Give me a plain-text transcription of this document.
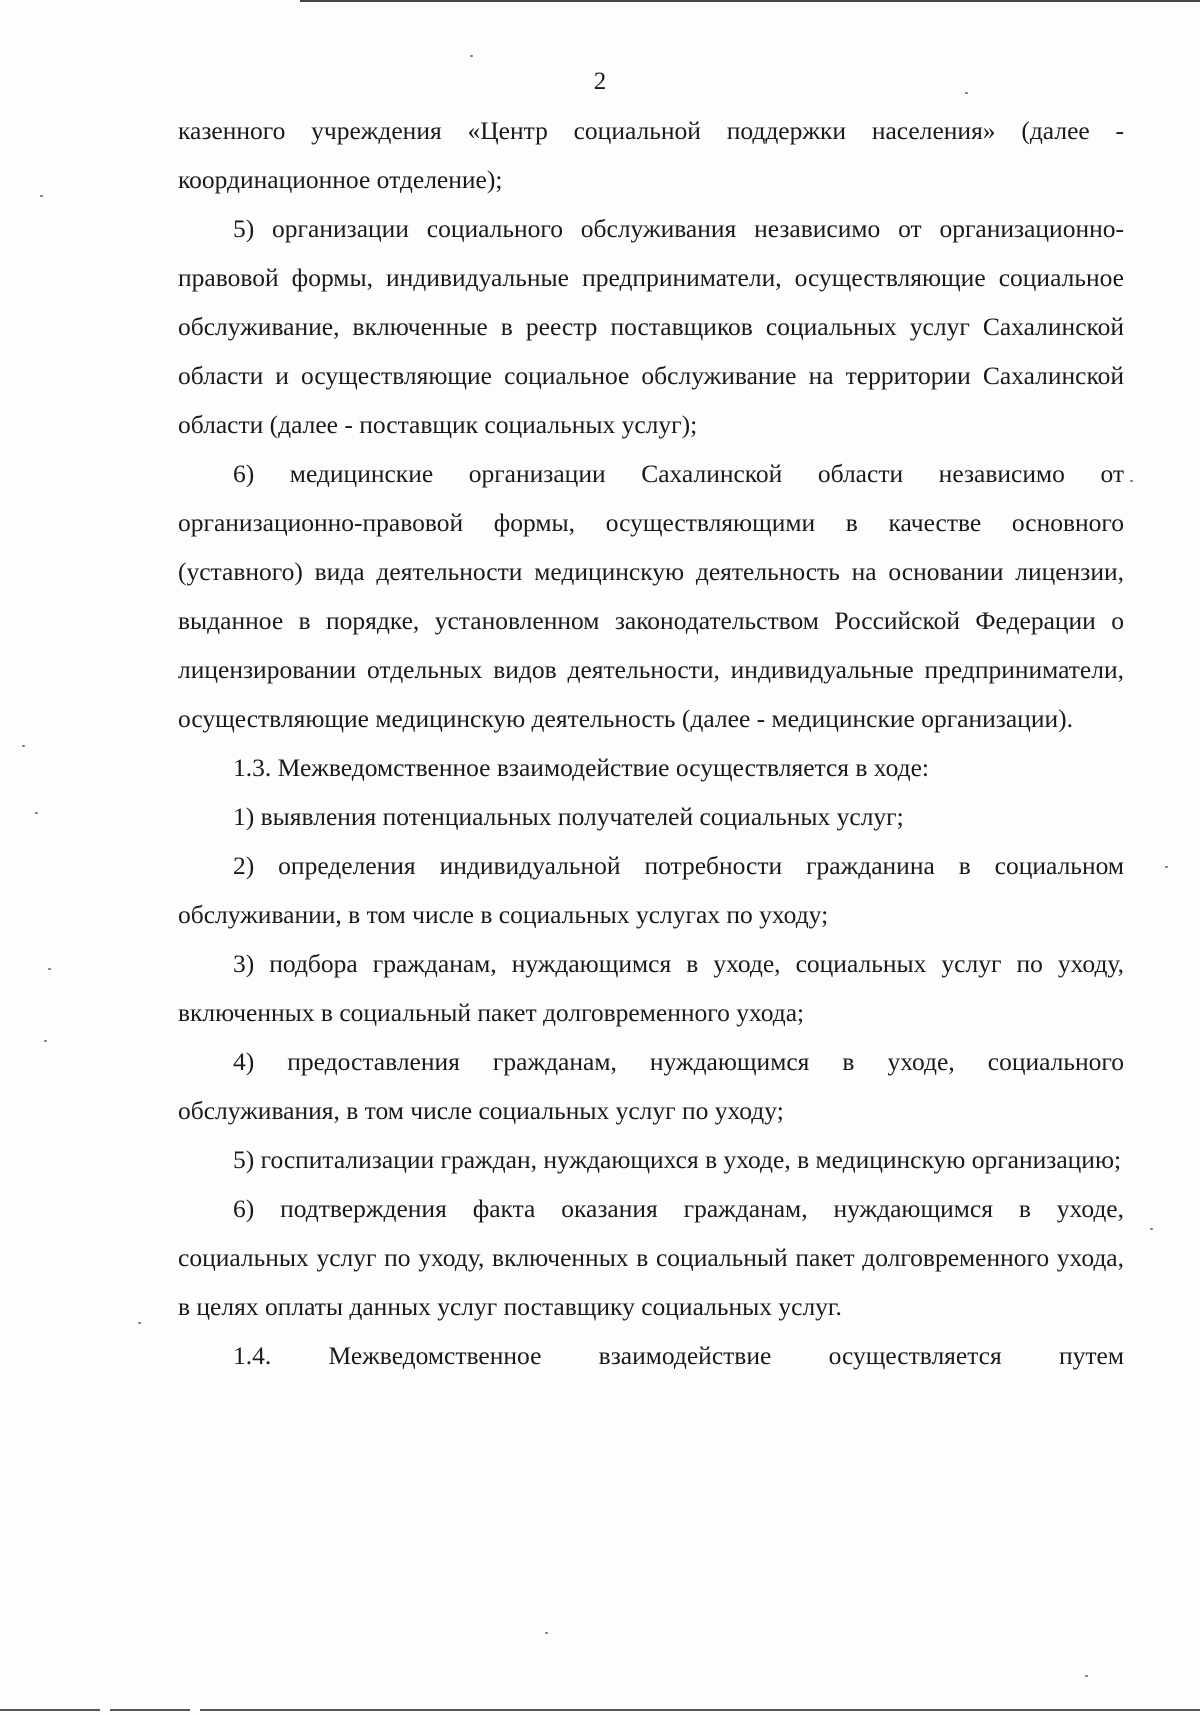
2

казенного учреждения «Центр социальной поддержки населения» (далее - координационное отделение);

5) организации социального обслуживания независимо от организационно-правовой формы, индивидуальные предприниматели, осуществляющие социальное обслуживание, включенные в реестр поставщиков социальных услуг Сахалинской области и осуществляющие социальное обслуживание на территории Сахалинской области (далее - поставщик социальных услуг);

6) медицинские организации Сахалинской области независимо от организационно-правовой формы, осуществляющими в качестве основного (уставного) вида деятельности медицинскую деятельность на основании лицензии, выданное в порядке, установленном законодательством Российской Федерации о лицензировании отдельных видов деятельности, индивидуальные предприниматели, осуществляющие медицинскую деятельность (далее - медицинские организации).

1.3. Межведомственное взаимодействие осуществляется в ходе:

1) выявления потенциальных получателей социальных услуг;

2) определения индивидуальной потребности гражданина в социальном обслуживании, в том числе в социальных услугах по уходу;

3) подбора гражданам, нуждающимся в уходе, социальных услуг по уходу, включенных в социальный пакет долговременного ухода;

4) предоставления гражданам, нуждающимся в уходе, социального обслуживания, в том числе социальных услуг по уходу;

5) госпитализации граждан, нуждающихся в уходе, в медицинскую организацию;

6) подтверждения факта оказания гражданам, нуждающимся в уходе, социальных услуг по уходу, включенных в социальный пакет долговременного ухода, в целях оплаты данных услуг поставщику социальных услуг.

1.4. Межведомственное взаимодействие осуществляется путем
